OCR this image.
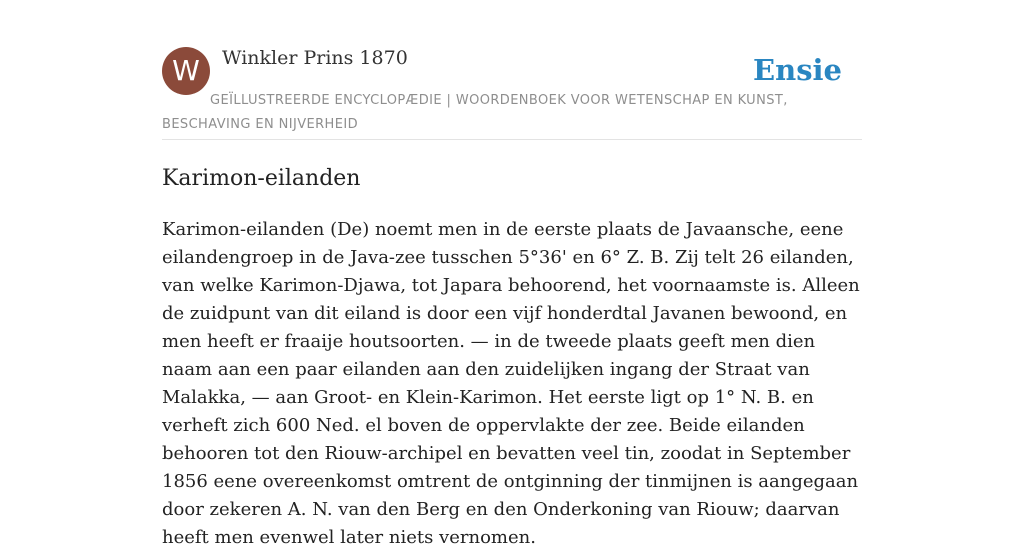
W	Winkler Prins 1870	Ensie
GEÏLLUSTREERDE ENCYCLOPÆDIE | WOORDENBOEK VOOR WETENSCHAP EN KUNST, BESCHAVING EN NIJVERHEID
Karimon-eilanden

Karimon-eilanden (De) noemt men in de eerste plaats de Javaansche, eene eilandengroep in de Java-zee tusschen 5°36' en 6° Z. B. Zij telt 26 eilanden, van welke Karimon-Djawa, tot Japara behoorend, het voornaamste is. Alleen de zuidpunt van dit eiland is door een vijf honderdtal Javanen bewoond, en men heeft er fraaije houtsoorten. — in de tweede plaats geeft men dien naam aan een paar eilanden aan den zuidelijken ingang der Straat van Malakka, — aan Groot- en Klein-Karimon. Het eerste ligt op 1° N. B. en verheft zich 600 Ned. el boven de oppervlakte der zee. Beide eilanden behooren tot den Riouw-archipel en bevatten veel tin, zoodat in September 1856 eene overeenkomst omtrent de ontginning der tinmijnen is aangegaan door zekeren A. N. van den Berg en den Onderkoning van Riouw; daarvan heeft men evenwel later niets vernomen.
